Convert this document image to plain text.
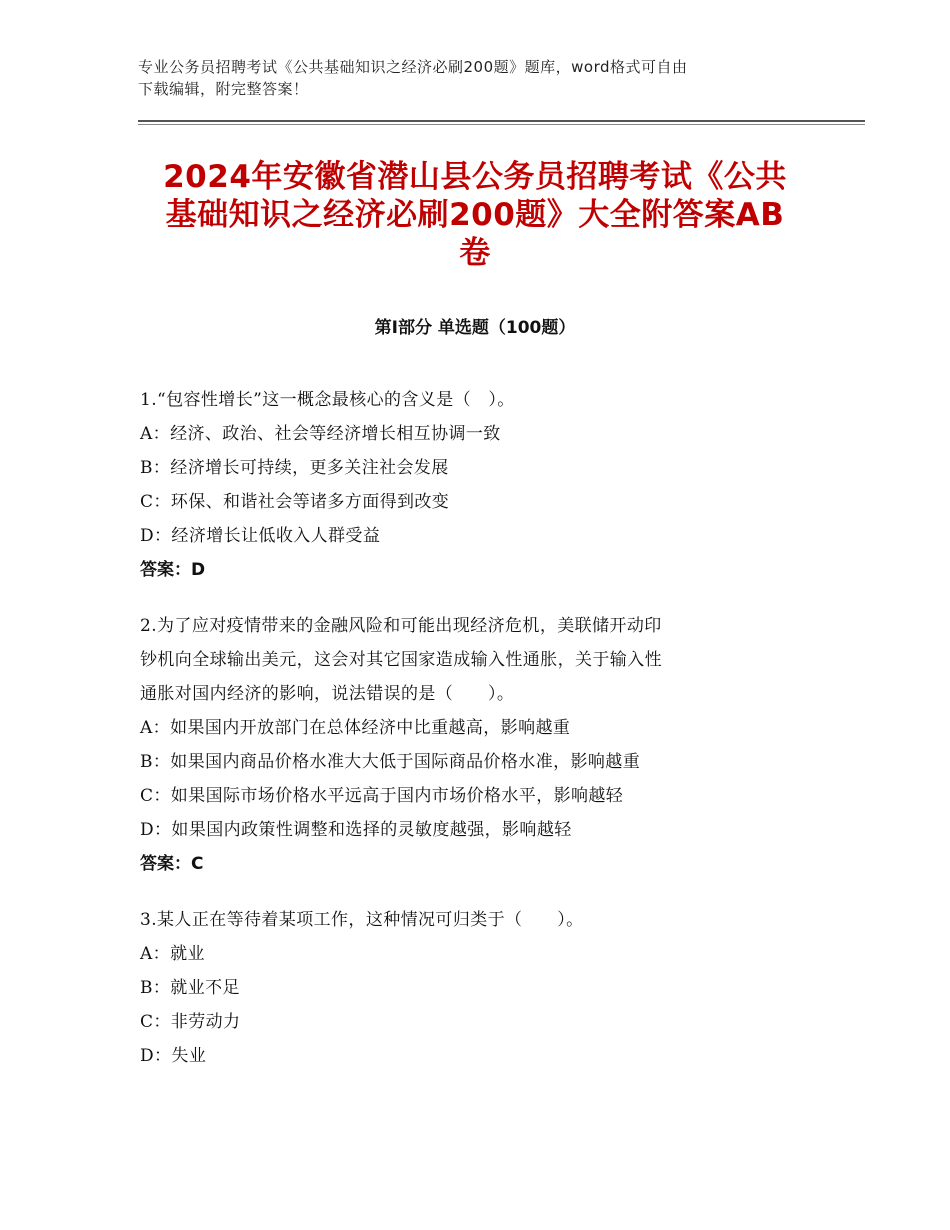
专业公务员招聘考试《公共基础知识之经济必刷200题》题库，word格式可自由
下载编辑，附完整答案！
2024年安徽省潜山县公务员招聘考试《公共
基础知识之经济必刷200题》大全附答案AB
卷
第Ⅰ部分 单选题（100题）
1.“包容性增长”这一概念最核心的含义是（　）。
A：经济、政治、社会等经济增长相互协调一致
B：经济增长可持续，更多关注社会发展
C：环保、和谐社会等诸多方面得到改变
D：经济增长让低收入人群受益
答案：D
2.为了应对疫情带来的金融风险和可能出现经济危机，美联储开动印
钞机向全球输出美元，这会对其它国家造成输入性通胀，关于输入性
通胀对国内经济的影响，说法错误的是（　　）。
A：如果国内开放部门在总体经济中比重越高，影响越重
B：如果国内商品价格水准大大低于国际商品价格水准，影响越重
C：如果国际市场价格水平远高于国内市场价格水平，影响越轻
D：如果国内政策性调整和选择的灵敏度越强，影响越轻
答案：C
3.某人正在等待着某项工作，这种情况可归类于（　　）。
A：就业
B：就业不足
C：非劳动力
D：失业
